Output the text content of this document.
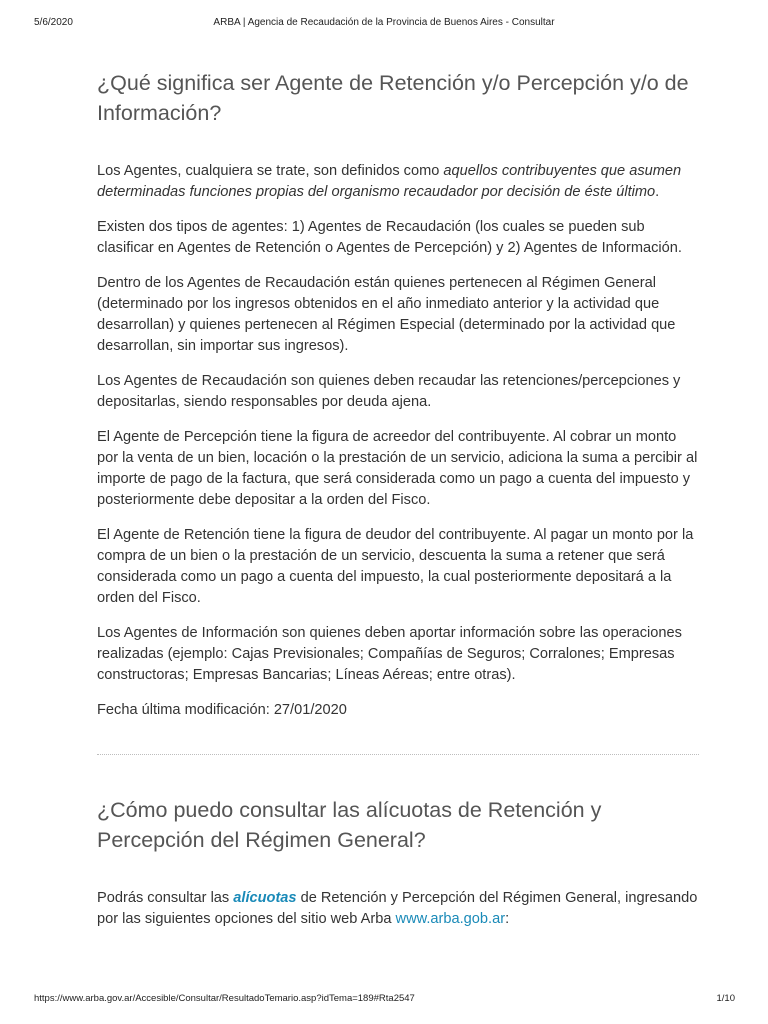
5/6/2020	ARBA | Agencia de Recaudación de la Provincia de Buenos Aires - Consultar
¿Qué significa ser Agente de Retención y/o Percepción y/o de Información?

Los Agentes, cualquiera se trate, son definidos como aquellos contribuyentes que asumen determinadas funciones propias del organismo recaudador por decisión de éste último.

Existen dos tipos de agentes: 1) Agentes de Recaudación (los cuales se pueden sub clasificar en Agentes de Retención o Agentes de Percepción) y 2) Agentes de Información.

Dentro de los Agentes de Recaudación están quienes pertenecen al Régimen General (determinado por los ingresos obtenidos en el año inmediato anterior y la actividad que desarrollan) y quienes pertenecen al Régimen Especial (determinado por la actividad que desarrollan, sin importar sus ingresos).

Los Agentes de Recaudación son quienes deben recaudar las retenciones/percepciones y depositarlas, siendo responsables por deuda ajena.

El Agente de Percepción tiene la figura de acreedor del contribuyente. Al cobrar un monto por la venta de un bien, locación o la prestación de un servicio, adiciona la suma a percibir al importe de pago de la factura, que será considerada como un pago a cuenta del impuesto y posteriormente debe depositar a la orden del Fisco.

El Agente de Retención tiene la figura de deudor del contribuyente. Al pagar un monto por la compra de un bien o la prestación de un servicio, descuenta la suma a retener que será considerada como un pago a cuenta del impuesto, la cual posteriormente depositará a la orden del Fisco.

Los Agentes de Información son quienes deben aportar información sobre las operaciones realizadas (ejemplo: Cajas Previsionales; Compañías de Seguros; Corralones; Empresas constructoras; Empresas Bancarias; Líneas Aéreas; entre otras).

Fecha última modificación: 27/01/2020

¿Cómo puedo consultar las alícuotas de Retención y Percepción del Régimen General?

Podrás consultar las alícuotas de Retención y Percepción del Régimen General, ingresando por las siguientes opciones del sitio web Arba www.arba.gob.ar:

https://www.arba.gov.ar/Accesible/Consultar/ResultadoTemario.asp?idTema=189#Rta2547	1/10
